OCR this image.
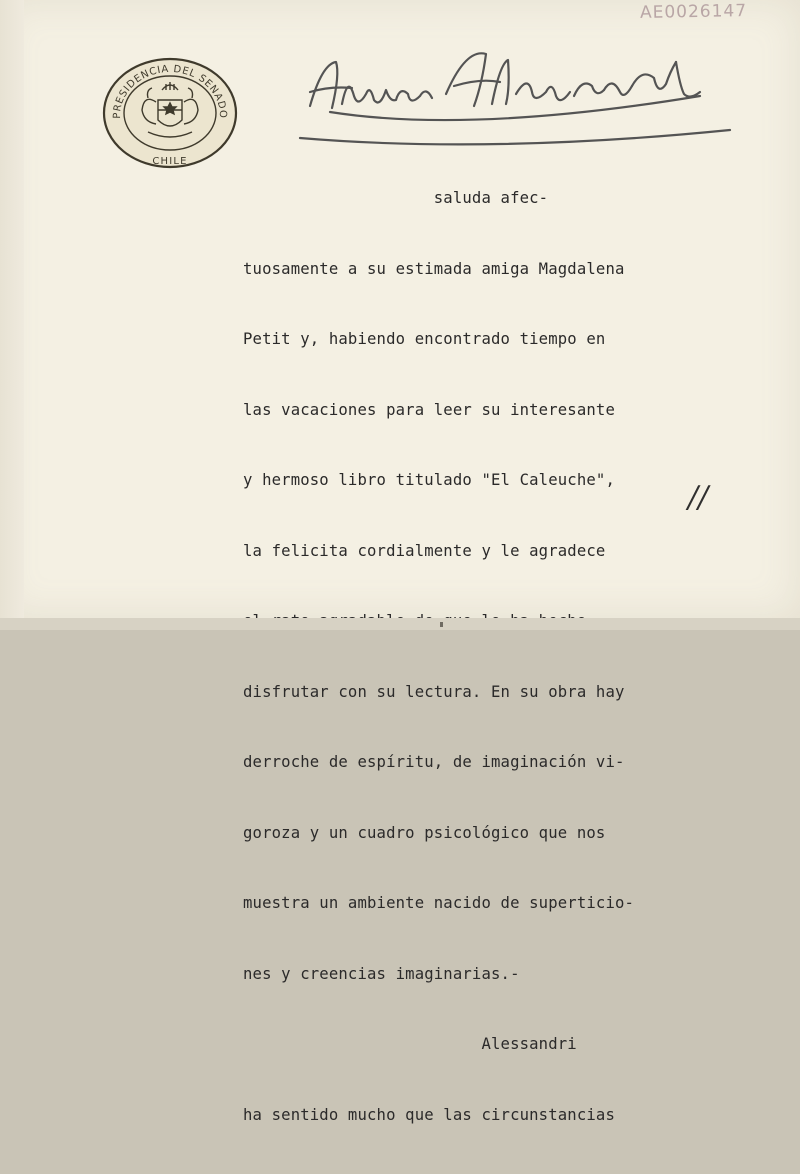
AE0026147
PRESIDENCIA DEL SENADO
CHILE
Arturo Alessandri

saluda afec-

tuosamente a su estimada amiga Magdalena

Petit y, habiendo encontrado tiempo en

las vacaciones para leer su interesante

y hermoso libro titulado "El Caleuche",

la felicita cordialmente y le agradece

disfrutar con su lectura. En su obra hay

derroche de espíritu, de imaginación vi-

goroza y un cuadro psicológico que nos

muestra un ambiente nacido de superticio-

nes y creencias imaginarias.-

Alessandri

ha sentido mucho que las circunstancias

//
